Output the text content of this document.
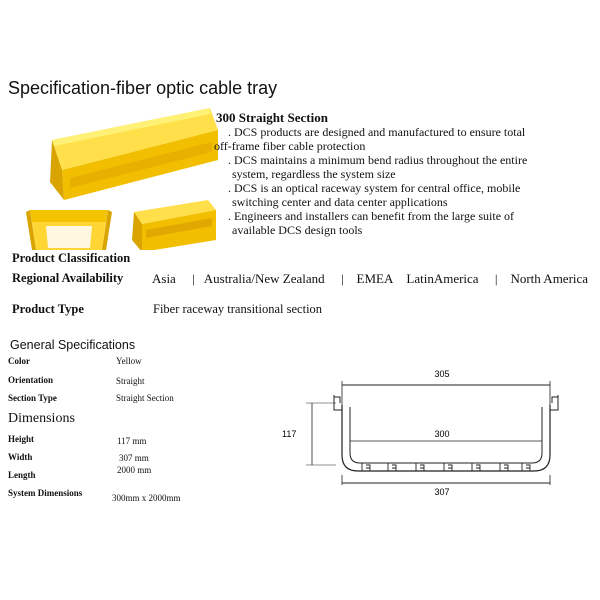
Specification-fiber optic cable tray
300 Straight Section
. DCS products are designed and manufactured to ensure total
off-frame fiber cable protection
. DCS maintains a minimum bend radius throughout the entire
system, regardless the system size
. DCS is an optical raceway system for central office, mobile
switching center and data center applications
. Engineers and installers can benefit from the large suite of
available DCS design tools
Product Classification
Regional Availability Asia | Australia/New Zealand | EMEA LatinAmerica | North America
Product Type	Fiber raceway transitional section
General Specifications
Color	Yellow
Orientation	Straight
Section Type	Straight Section
Dimensions
Height	117 mm
Width	307 mm
Length	2000 mm
System Dimensions	300mm x 2000mm
305
300
307
117
